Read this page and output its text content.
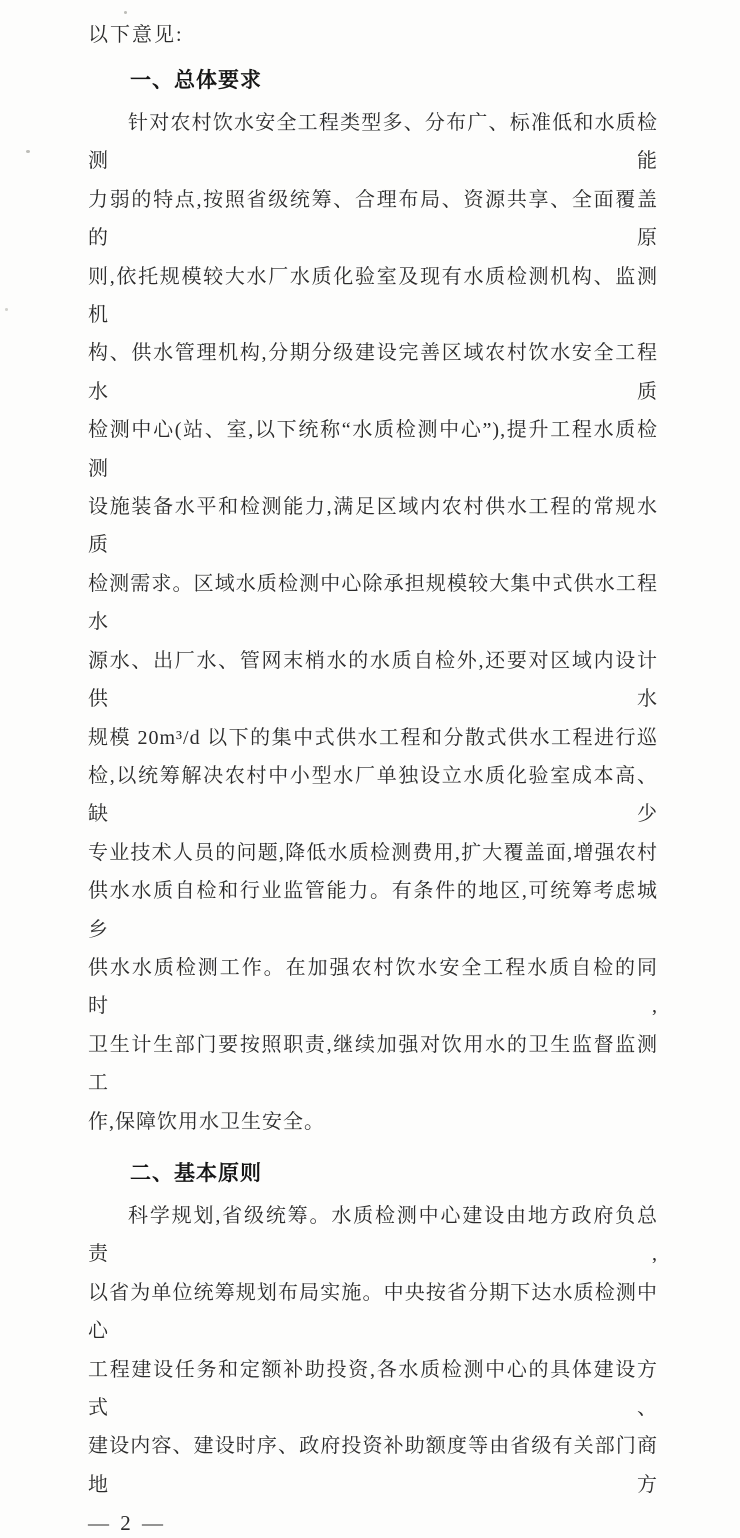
以下意见:
一、总体要求
针对农村饮水安全工程类型多、分布广、标准低和水质检测能
力弱的特点,按照省级统筹、合理布局、资源共享、全面覆盖的原
则,依托规模较大水厂水质化验室及现有水质检测机构、监测机
构、供水管理机构,分期分级建设完善区域农村饮水安全工程水质
检测中心(站、室,以下统称“水质检测中心”),提升工程水质检测
设施装备水平和检测能力,满足区域内农村供水工程的常规水质
检测需求。区域水质检测中心除承担规模较大集中式供水工程水
源水、出厂水、管网末梢水的水质自检外,还要对区域内设计供水
规模 20m³/d 以下的集中式供水工程和分散式供水工程进行巡
检,以统筹解决农村中小型水厂单独设立水质化验室成本高、缺少
专业技术人员的问题,降低水质检测费用,扩大覆盖面,增强农村
供水水质自检和行业监管能力。有条件的地区,可统筹考虑城乡
供水水质检测工作。在加强农村饮水安全工程水质自检的同时,
卫生计生部门要按照职责,继续加强对饮用水的卫生监督监测工
作,保障饮用水卫生安全。
二、基本原则
科学规划,省级统筹。水质检测中心建设由地方政府负总责,
以省为单位统筹规划布局实施。中央按省分期下达水质检测中心
工程建设任务和定额补助投资,各水质检测中心的具体建设方式、
建设内容、建设时序、政府投资补助额度等由省级有关部门商地方
— 2 —
